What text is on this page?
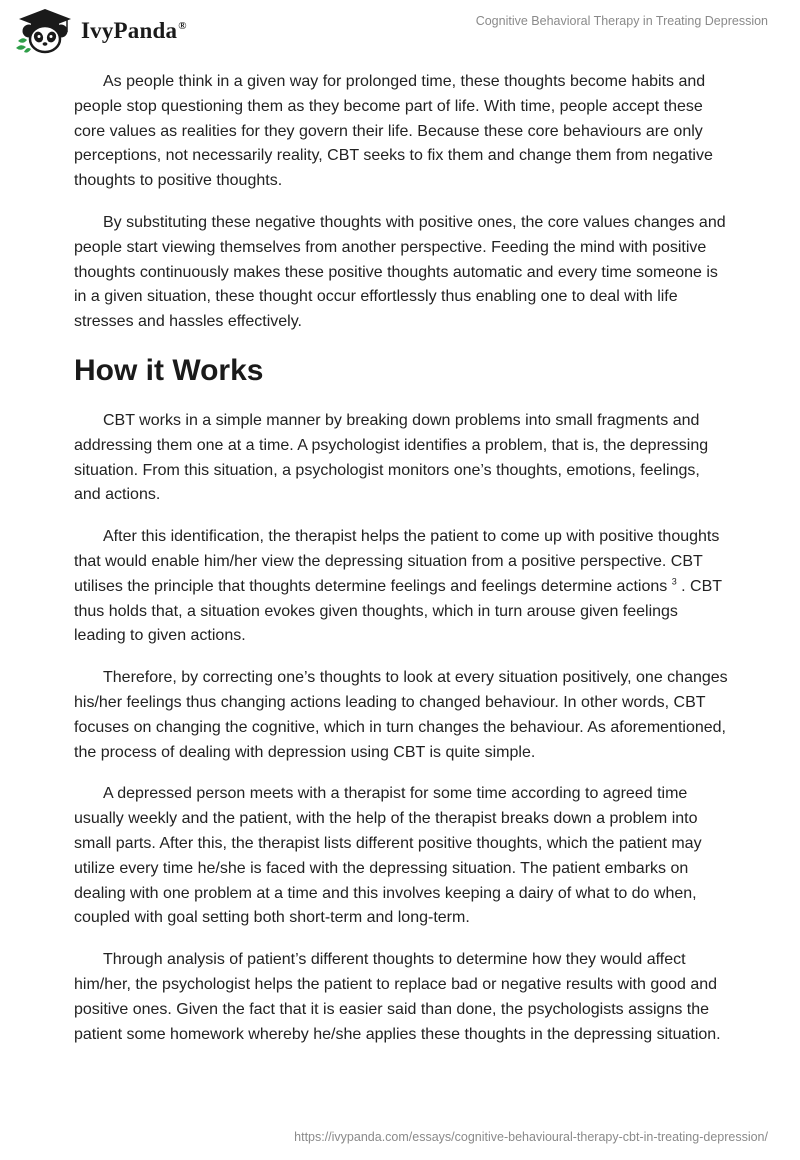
IvyPanda®	Cognitive Behavioral Therapy in Treating Depression

As people think in a given way for prolonged time, these thoughts become habits and people stop questioning them as they become part of life. With time, people accept these core values as realities for they govern their life. Because these core behaviours are only perceptions, not necessarily reality, CBT seeks to fix them and change them from negative thoughts to positive thoughts.

By substituting these negative thoughts with positive ones, the core values changes and people start viewing themselves from another perspective. Feeding the mind with positive thoughts continuously makes these positive thoughts automatic and every time someone is in a given situation, these thought occur effortlessly thus enabling one to deal with life stresses and hassles effectively.

How it Works

CBT works in a simple manner by breaking down problems into small fragments and addressing them one at a time. A psychologist identifies a problem, that is, the depressing situation. From this situation, a psychologist monitors one’s thoughts, emotions, feelings, and actions.

After this identification, the therapist helps the patient to come up with positive thoughts that would enable him/her view the depressing situation from a positive perspective. CBT utilises the principle that thoughts determine feelings and feelings determine actions $^3$ . CBT thus holds that, a situation evokes given thoughts, which in turn arouse given feelings leading to given actions.

Therefore, by correcting one’s thoughts to look at every situation positively, one changes his/her feelings thus changing actions leading to changed behaviour. In other words, CBT focuses on changing the cognitive, which in turn changes the behaviour. As aforementioned, the process of dealing with depression using CBT is quite simple.

A depressed person meets with a therapist for some time according to agreed time usually weekly and the patient, with the help of the therapist breaks down a problem into small parts. After this, the therapist lists different positive thoughts, which the patient may utilize every time he/she is faced with the depressing situation. The patient embarks on dealing with one problem at a time and this involves keeping a dairy of what to do when, coupled with goal setting both short-term and long-term.

Through analysis of patient’s different thoughts to determine how they would affect him/her, the psychologist helps the patient to replace bad or negative results with good and positive ones. Given the fact that it is easier said than done, the psychologists assigns the patient some homework whereby he/she applies these thoughts in the depressing situation.

https://ivypanda.com/essays/cognitive-behavioural-therapy-cbt-in-treating-depression/
